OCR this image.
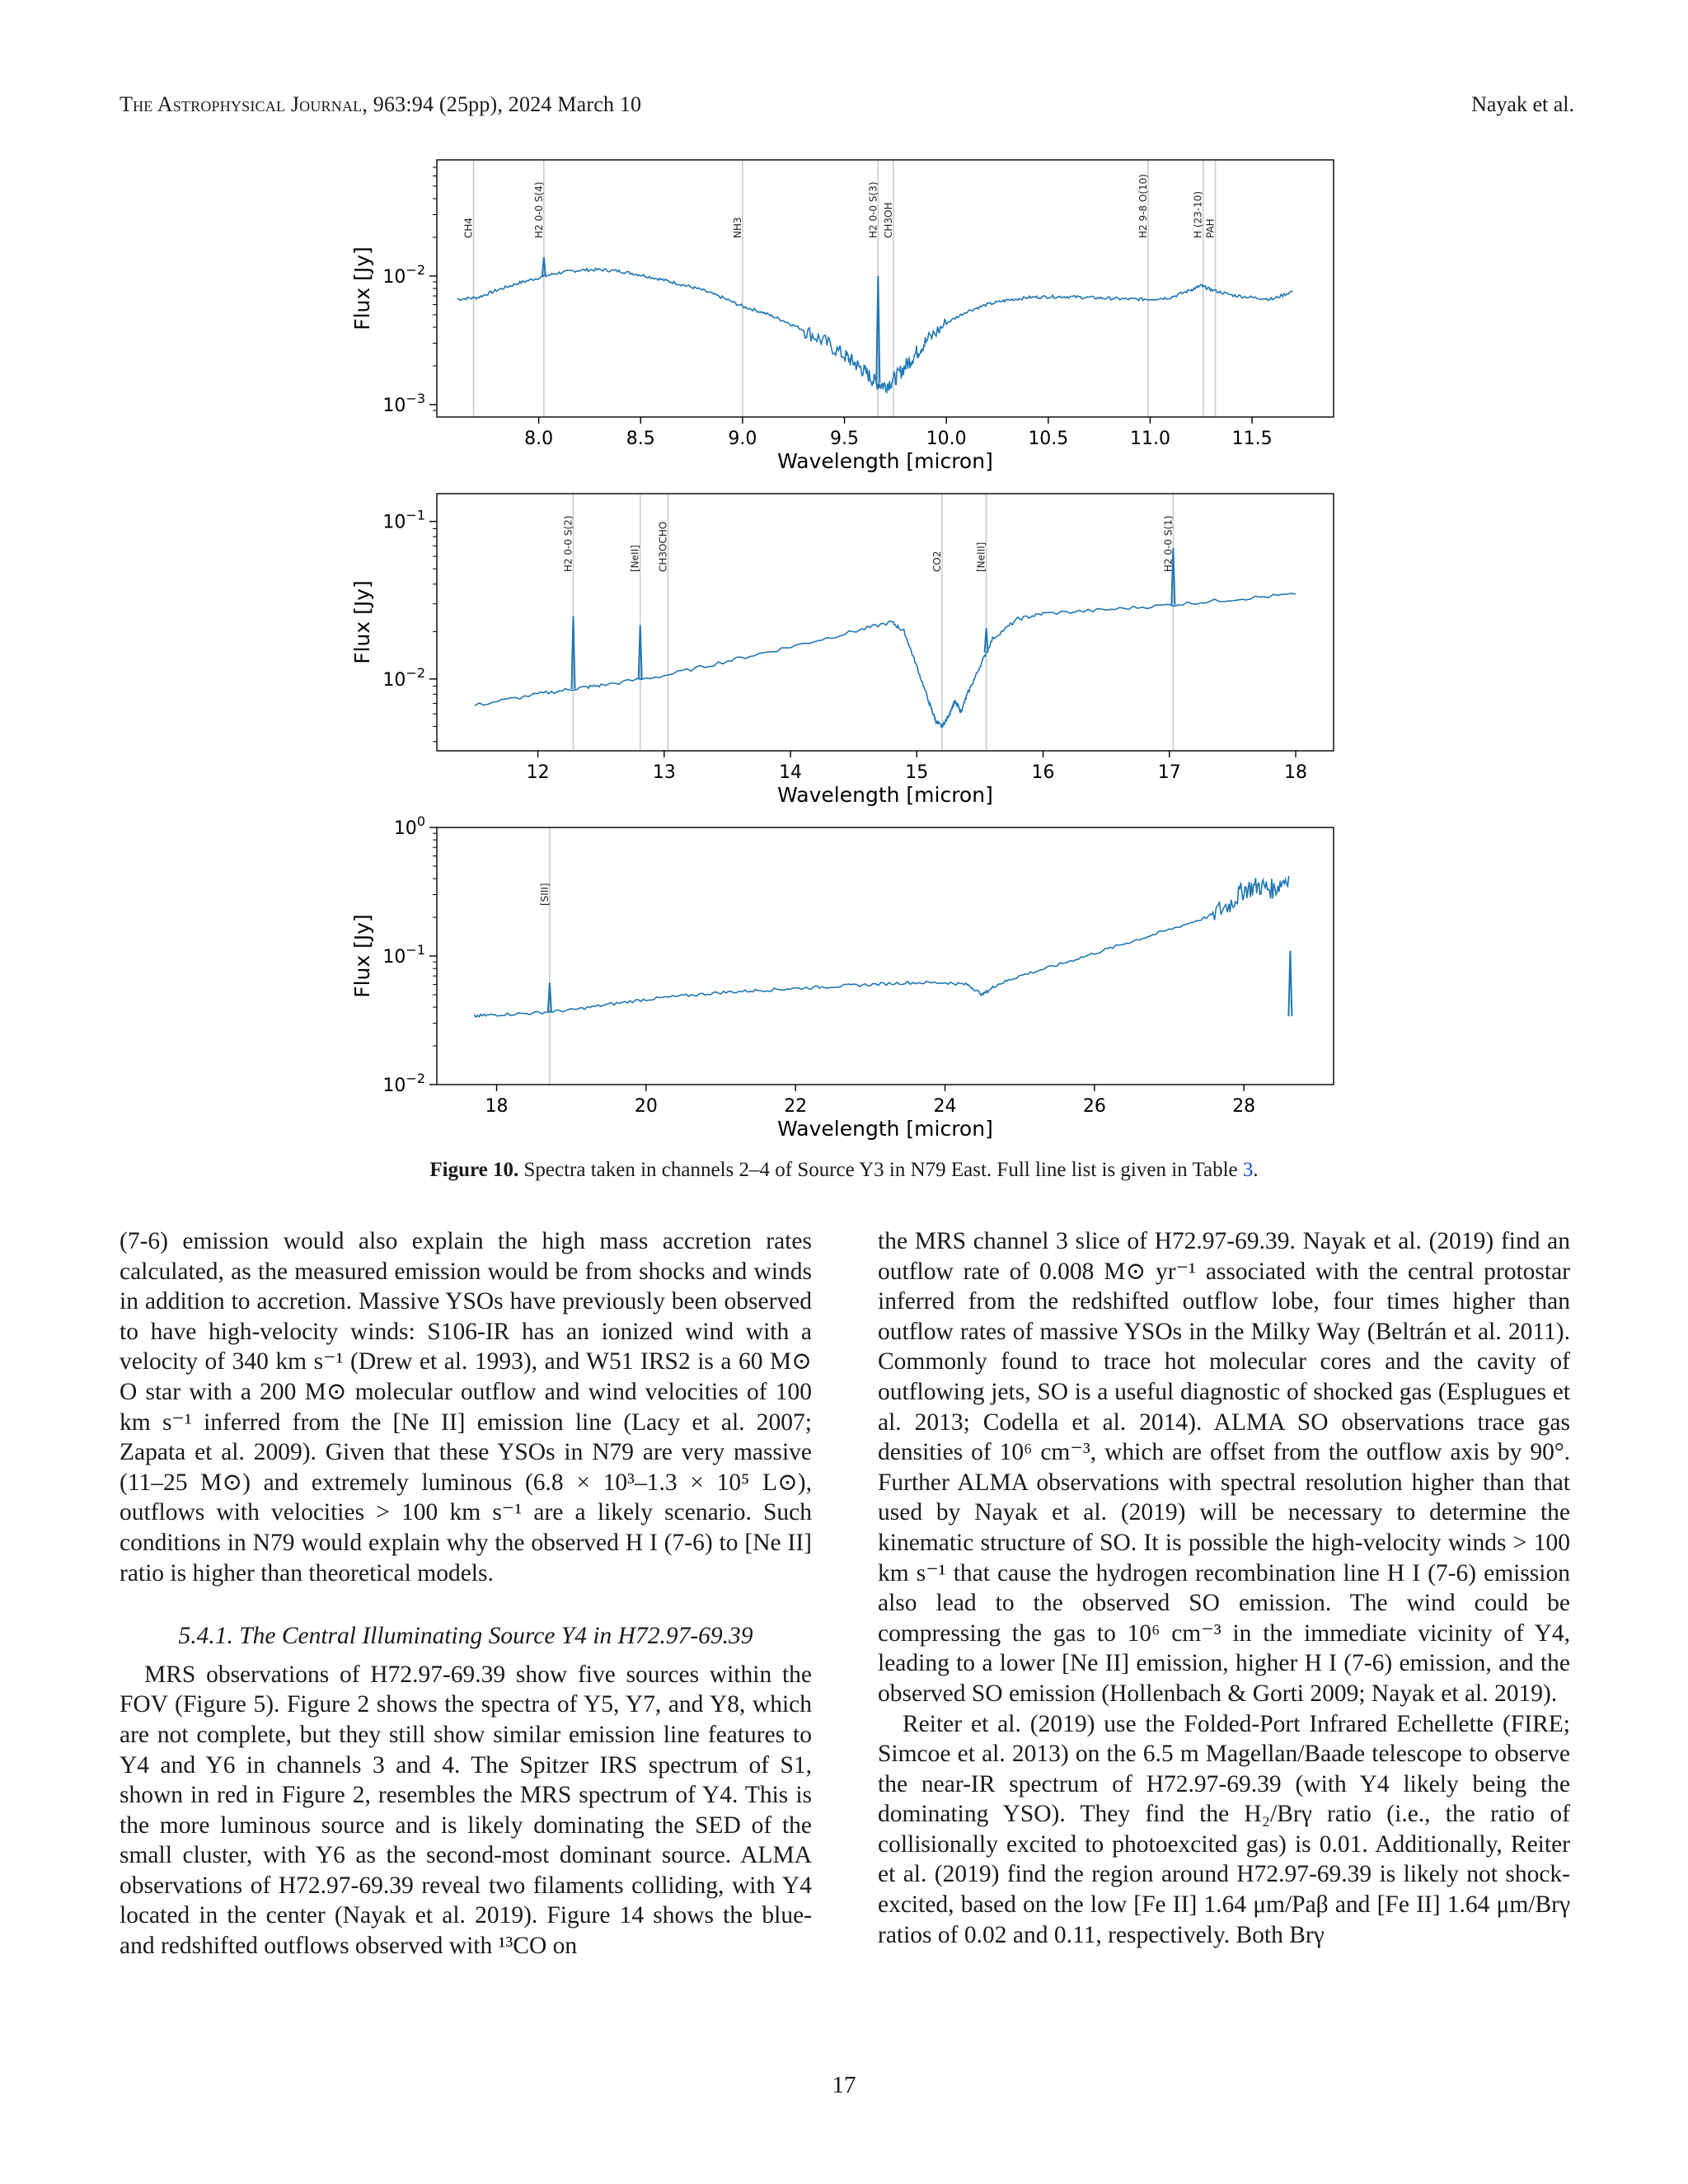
The Astrophysical Journal, 963:94 (25pp), 2024 March 10	Nayak et al.
CH4	H2 0-0 S(4)	NH3	H2 0-0 S(3) CH3OH	H2 9-8 O(10)	H (23-10) PAH
8.0	8.5	9.0	9.5	10.0	10.5	11.0	11.5
$10^{-2}$
$10^{-3}$
Wavelength [micron]
Flux [Jy]
H2 0-0 S(2)	[NeII] CH3OCHO	CO2	[NeIII]	H2 0-0 S(1)
12	13	14	15	16	17	18
$10^{-1}$
$10^{-2}$
Wavelength [micron]
Flux [Jy]
[SIII]
18	20	22	24	26	28
$10^0$
$10^{-1}$
$10^{-2}$
Wavelength [micron]
Flux [Jy]
Figure 10. Spectra taken in channels 2–4 of Source Y3 in N79 East. Full line list is given in Table 3.

(7-6) emission would also explain the high mass accretion rates calculated, as the measured emission would be from shocks and winds in addition to accretion. Massive YSOs have previously been observed to have high-velocity winds: S106-IR has an ionized wind with a velocity of 340 km s⁻¹ (Drew et al. 1993), and W51 IRS2 is a 60 M⊙ O star with a 200 M⊙ molecular outflow and wind velocities of 100 km s⁻¹ inferred from the [Ne II] emission line (Lacy et al. 2007; Zapata et al. 2009). Given that these YSOs in N79 are very massive (11–25 M⊙) and extremely luminous (6.8 × 10³–1.3 × 10⁵ L⊙), outflows with velocities > 100 km s⁻¹ are a likely scenario. Such conditions in N79 would explain why the observed H I (7-6) to [Ne II] ratio is higher than theoretical models.

5.4.1. The Central Illuminating Source Y4 in H72.97-69.39

MRS observations of H72.97-69.39 show five sources within the FOV (Figure 5). Figure 2 shows the spectra of Y5, Y7, and Y8, which are not complete, but they still show similar emission line features to Y4 and Y6 in channels 3 and 4. The Spitzer IRS spectrum of S1, shown in red in Figure 2, resembles the MRS spectrum of Y4. This is the more luminous source and is likely dominating the SED of the small cluster, with Y6 as the second-most dominant source. ALMA observations of H72.97-69.39 reveal two filaments colliding, with Y4 located in the center (Nayak et al. 2019). Figure 14 shows the blue- and redshifted outflows observed with ¹³CO on

the MRS channel 3 slice of H72.97-69.39. Nayak et al. (2019) find an outflow rate of 0.008 M⊙ yr⁻¹ associated with the central protostar inferred from the redshifted outflow lobe, four times higher than outflow rates of massive YSOs in the Milky Way (Beltrán et al. 2011). Commonly found to trace hot molecular cores and the cavity of outflowing jets, SO is a useful diagnostic of shocked gas (Esplugues et al. 2013; Codella et al. 2014). ALMA SO observations trace gas densities of 10⁶ cm⁻³, which are offset from the outflow axis by 90°. Further ALMA observations with spectral resolution higher than that used by Nayak et al. (2019) will be necessary to determine the kinematic structure of SO. It is possible the high-velocity winds > 100 km s⁻¹ that cause the hydrogen recombination line H I (7-6) emission also lead to the observed SO emission. The wind could be compressing the gas to 10⁶ cm⁻³ in the immediate vicinity of Y4, leading to a lower [Ne II] emission, higher H I (7-6) emission, and the observed SO emission (Hollenbach & Gorti 2009; Nayak et al. 2019).

Reiter et al. (2019) use the Folded-Port Infrared Echellette (FIRE; Simcoe et al. 2013) on the 6.5 m Magellan/Baade telescope to observe the near-IR spectrum of H72.97-69.39 (with Y4 likely being the dominating YSO). They find the H₂/Brγ ratio (i.e., the ratio of collisionally excited to photoexcited gas) is 0.01. Additionally, Reiter et al. (2019) find the region around H72.97-69.39 is likely not shock-excited, based on the low [Fe II] 1.64 μm/Paβ and [Fe II] 1.64 μm/Brγ ratios of 0.02 and 0.11, respectively. Both Brγ

17
